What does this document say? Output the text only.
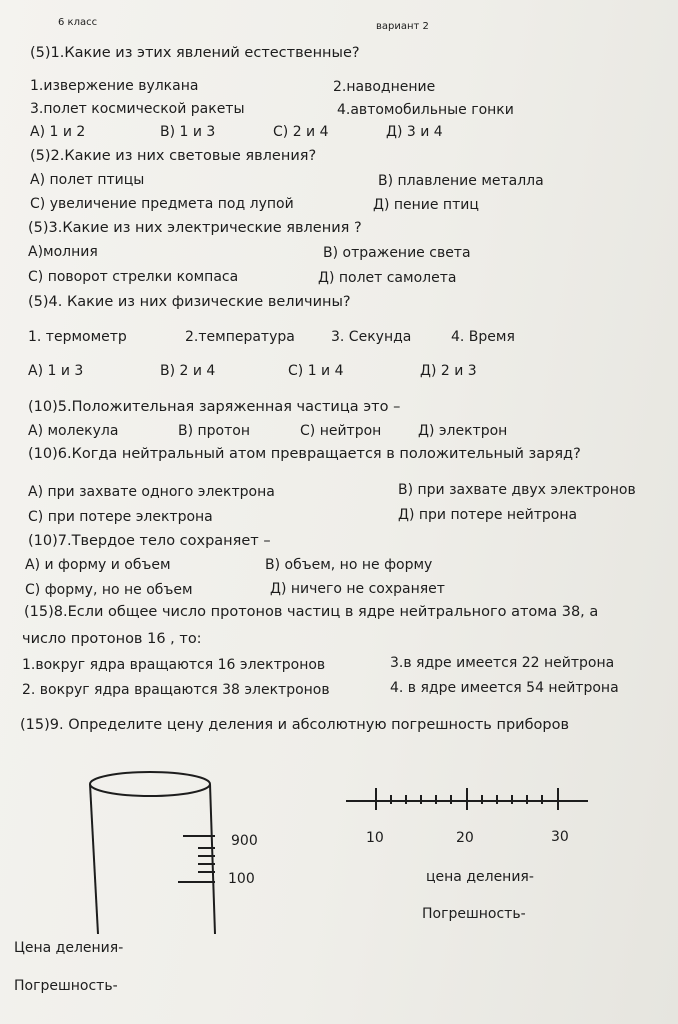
6 класс	вариант 2
(5)1.Какие из этих явлений естественные?
1.извержение вулкана	2.наводнение
3.полет космической ракеты	4.автомобильные гонки
A) 1 и 2	B) 1 и 3	C) 2 и 4	Д) 3 и 4
(5)2.Какие из них световые явления?
A) полет птицы	B) плавление металла
C) увеличение предмета под лупой	Д) пение птиц
(5)3.Какие из них электрические явления ?
A)молния	B) отражение света
C) поворот стрелки компаса	Д) полет самолета
(5)4. Какие из них физические величины?
1. термометр	2.температура	3. Секунда	4. Время
A) 1 и 3	B) 2 и 4	C) 1 и 4	Д) 2 и 3
(10)5.Положительная заряженная частица это –
A) молекула	B) протон	C) нейтрон	Д) электрон
(10)6.Когда нейтральный атом превращается в положительный заряд?
A) при захвате одного электрона	B) при захвате двух электронов
C) при потере электрона	Д) при потере нейтрона
(10)7.Твердое тело сохраняет –
A) и форму и объем	B) объем, но не форму
C) форму, но не объем	Д) ничего не сохраняет
(15)8.Если общее число протонов частиц в ядре нейтрального атома 38, а
число протонов 16 , то:
1.вокруг ядра вращаются 16 электронов	3.в ядре имеется 22 нейтрона
2. вокруг ядра вращаются 38 электронов	4. в ядре имеется 54 нейтрона
(15)9. Определите цену деления и абсолютную погрешность приборов
900
100
10	20	30
цена деления-
Погрешность-
Цена деления-
Погрешность-
